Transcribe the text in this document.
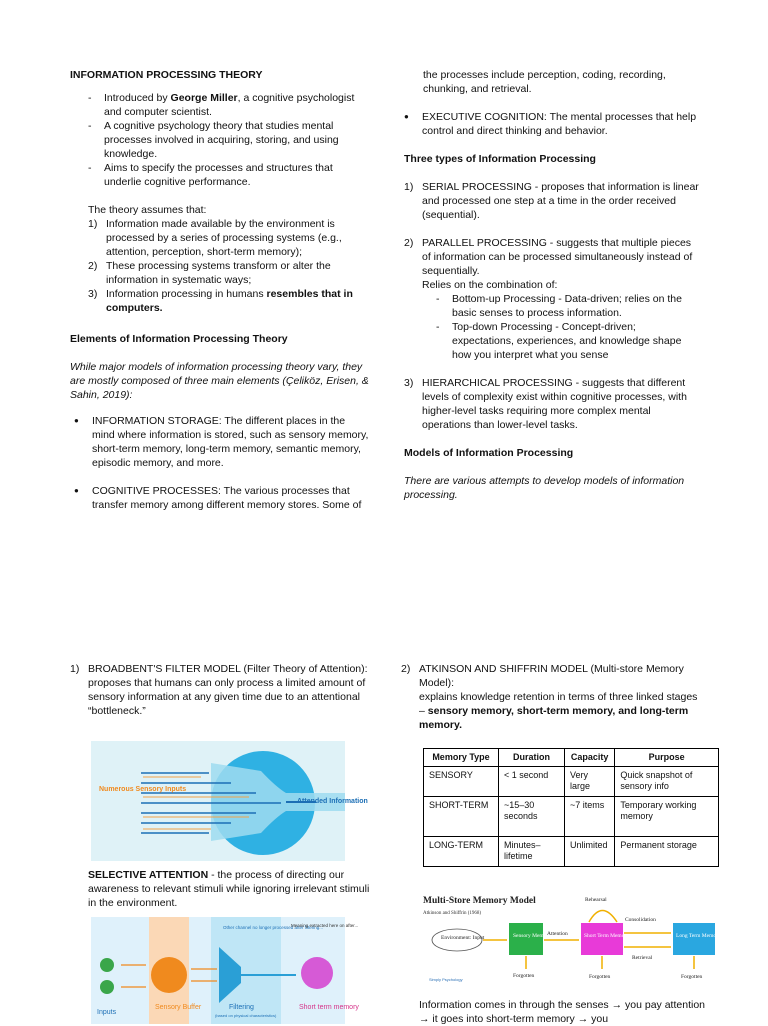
INFORMATION PROCESSING THEORY

- Introduced by George Miller, a cognitive psychologist and computer scientist.
- A cognitive psychology theory that studies mental processes involved in acquiring, storing, and using knowledge.
- Aims to specify the processes and structures that underlie cognitive performance.

The theory assumes that:

1) Information made available by the environment is processed by a series of processing systems (e.g., attention, perception, short-term memory);
2) These processing systems transform or alter the information in systematic ways;
3) Information processing in humans resembles that in computers.

Elements of Information Processing Theory

While major models of information processing theory vary, they are mostly composed of three main elements (Çeliköz, Erisen, & Sahin, 2019):

● INFORMATION STORAGE: The different places in the mind where information is stored, such as sensory memory, short-term memory, long-term memory, semantic memory, episodic memory, and more.
● COGNITIVE PROCESSES: The various processes that transfer memory among different memory stores. Some of

the processes include perception, coding, recording, chunking, and retrieval.

● EXECUTIVE COGNITION: The mental processes that help control and direct thinking and behavior.

Three types of Information Processing

1) SERIAL PROCESSING - proposes that information is linear and processed one step at a time in the order received (sequential).
2) PARALLEL PROCESSING - suggests that multiple pieces of information can be processed simultaneously instead of sequentially.

Relies on the combination of:

- Bottom-up Processing - Data-driven; relies on the basic senses to process information.
- Top-down Processing - Concept-driven; expectations, experiences, and knowledge shape how you interpret what you sense
3) HIERARCHICAL PROCESSING - suggests that different levels of complexity exist within cognitive processes, with higher-level tasks requiring more complex mental operations than lower-level tasks.

Models of Information Processing

There are various attempts to develop models of information processing.

1) BROADBENT'S FILTER MODEL (Filter Theory of Attention):

proposes that humans can only process a limited amount of sensory information at any given time due to an attentional “bottleneck.”

Numerous Sensory Inputs
Attended Information

SELECTIVE ATTENTION - the process of directing our awareness to relevant stimuli while ignoring irrelevant stimuli in the environment.

Inputs
Sensory Buffer	Filtering
(based on physical characteristics)
Short term memory
Other channel no longer processed after filtering...
Meaning extracted here on after...
2) ATKINSON AND SHIFFRIN MODEL (Multi-store Memory Model):

explains knowledge retention in terms of three linked stages – sensory memory, short-term memory, and long-term memory.

Memory Type	Duration	Capacity	Purpose
SENSORY	< 1 second	Very large	Quick snapshot of sensory info
SHORT-TERM	~15–30 seconds	~7 items	Temporary working memory
LONG-TERM	Minutes–lifetime	Unlimited	Permanent storage
Multi-Store Memory Model
Atkinson and Shiffrin (1968)
Environment: Input	Sensory Memory	Short Term Memory	Long Term Memory
Attention
Rehearsal
Consolidation
Retrieval
Forgotten	Forgotten	Forgotten
Simply Psychology

Information comes in through the senses → you pay attention → it goes into short-term memory → you
